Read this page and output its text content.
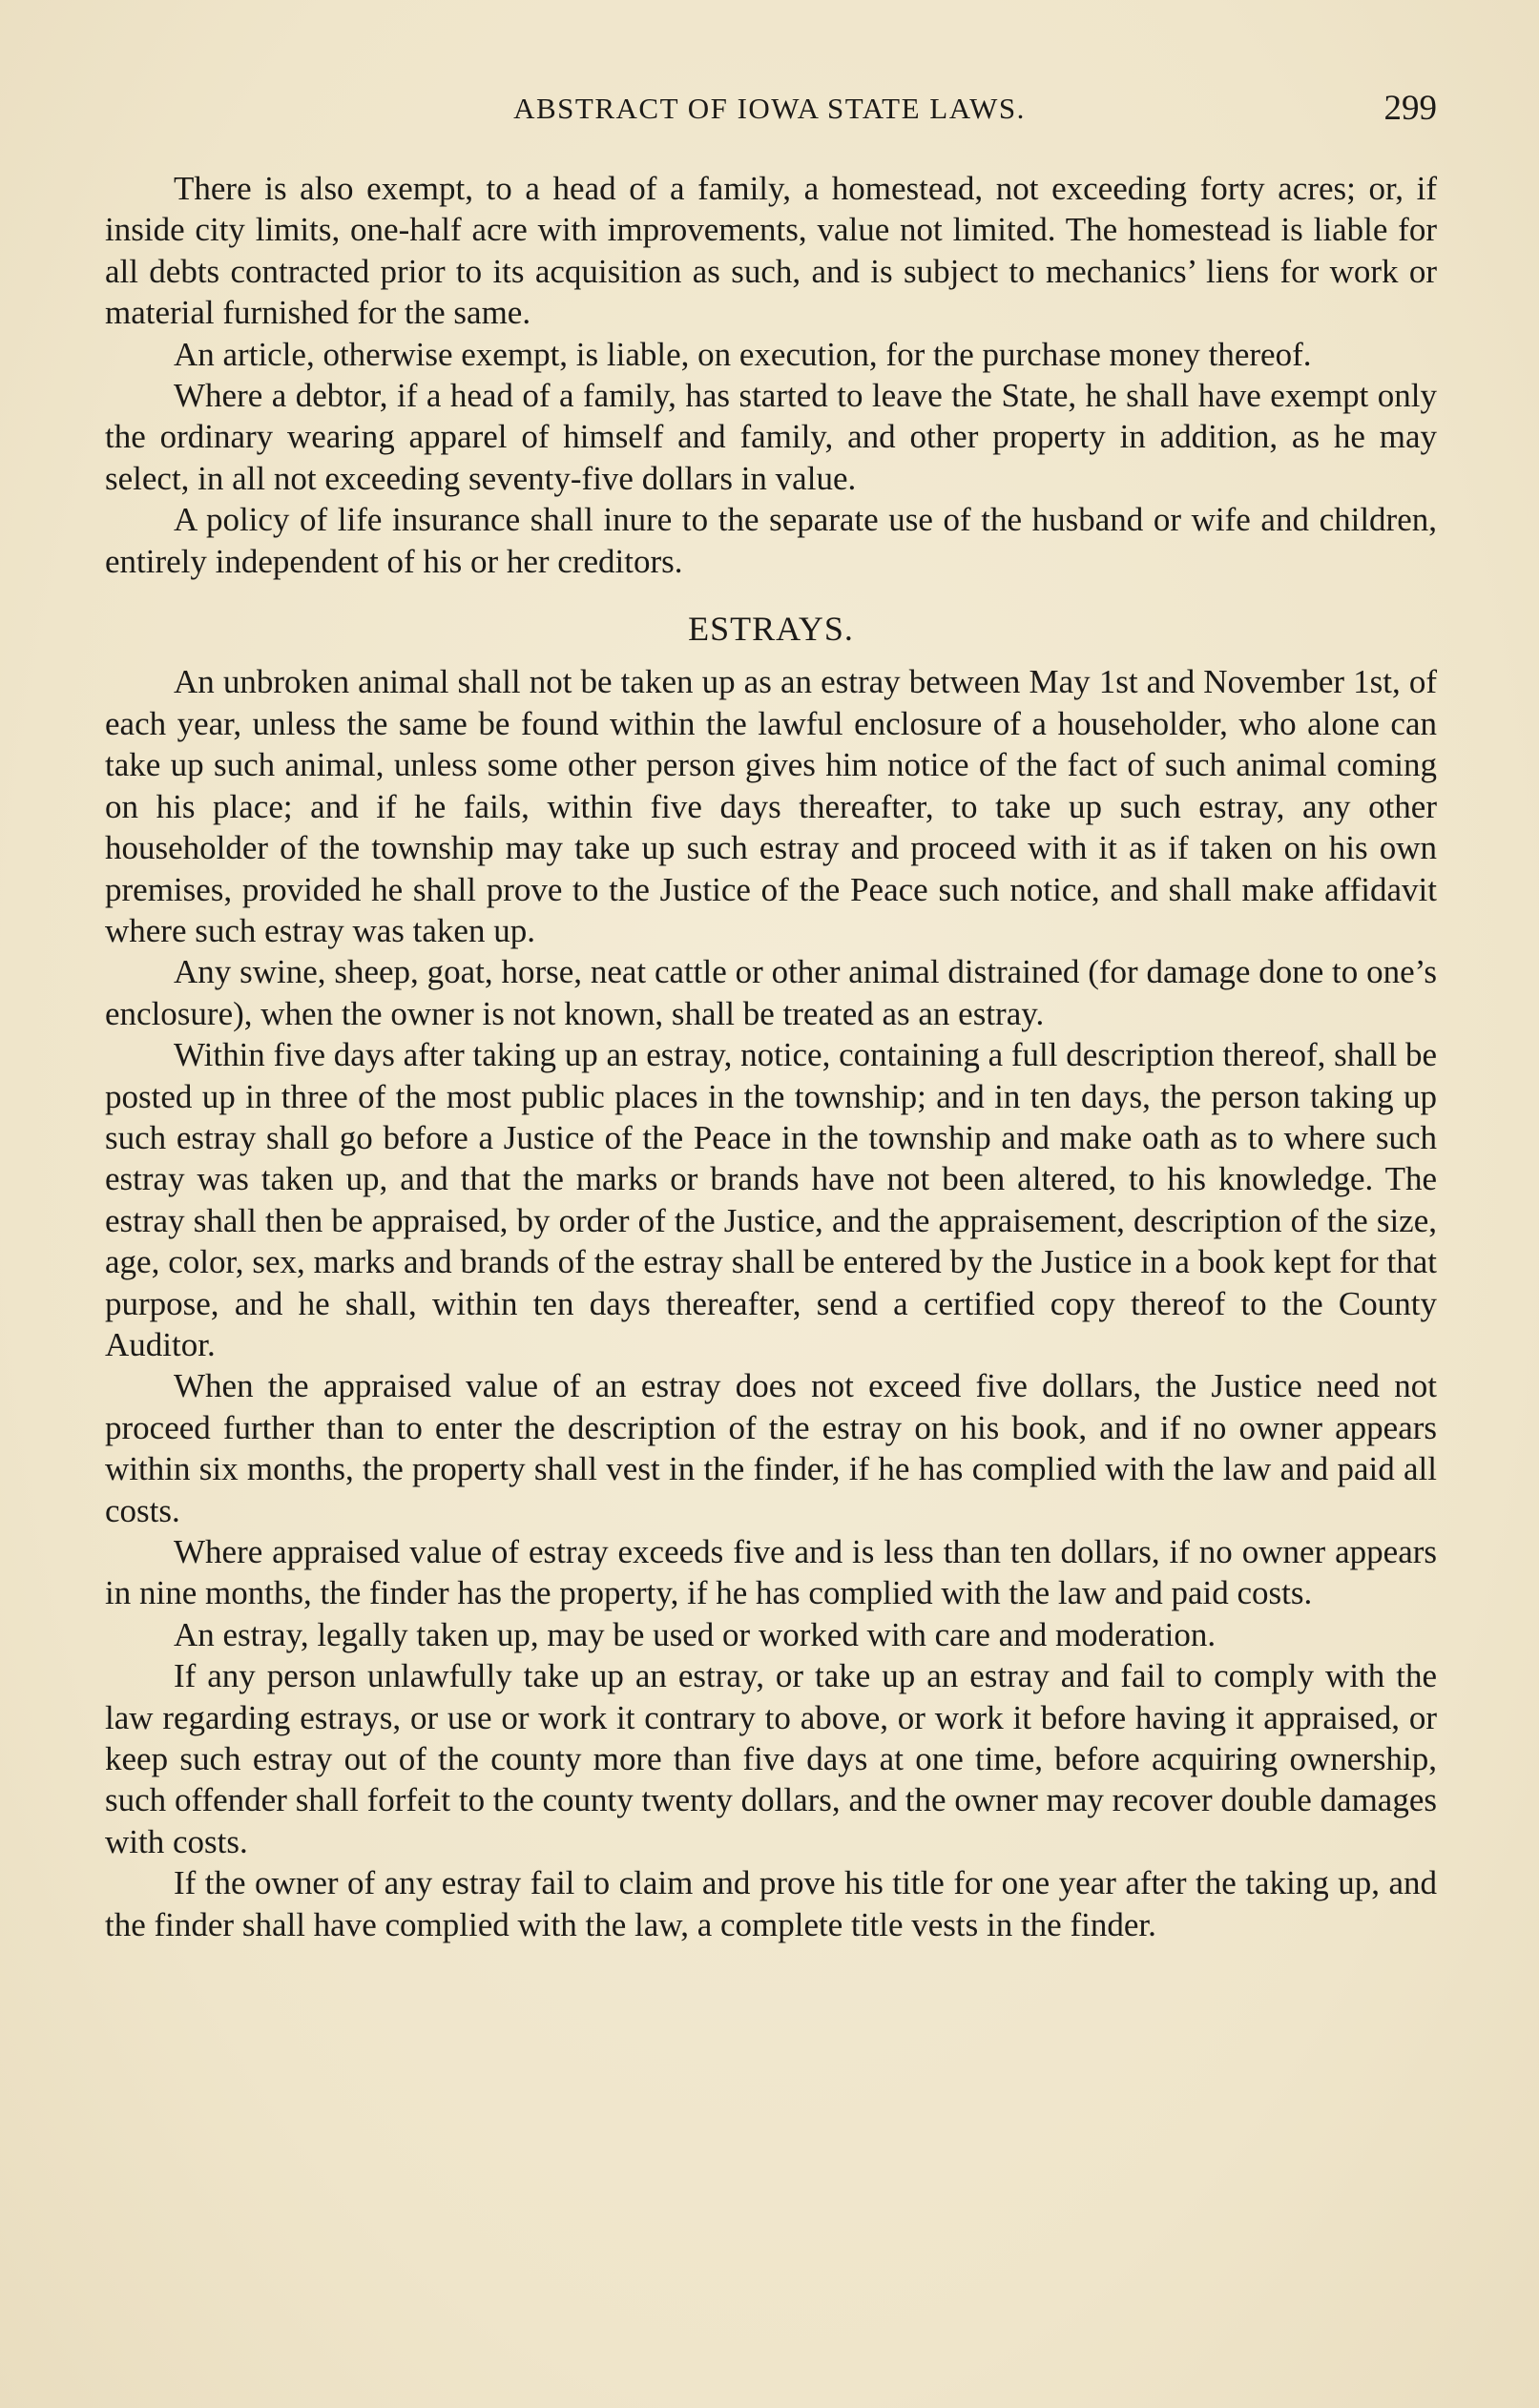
ABSTRACT OF IOWA STATE LAWS.	299

There is also exempt, to a head of a family, a homestead, not exceeding forty acres; or, if inside city limits, one-half acre with improvements, value not limited. The homestead is liable for all debts contracted prior to its acquisition as such, and is subject to mechanics’ liens for work or material furnished for the same.

An article, otherwise exempt, is liable, on execution, for the purchase money thereof.

Where a debtor, if a head of a family, has started to leave the State, he shall have exempt only the ordinary wearing apparel of himself and family, and other property in addition, as he may select, in all not exceeding seventy-five dollars in value.

A policy of life insurance shall inure to the separate use of the husband or wife and children, entirely independent of his or her creditors.

ESTRAYS.

An unbroken animal shall not be taken up as an estray between May 1st and November 1st, of each year, unless the same be found within the lawful enclosure of a householder, who alone can take up such animal, unless some other person gives him notice of the fact of such animal coming on his place; and if he fails, within five days thereafter, to take up such estray, any other householder of the township may take up such estray and proceed with it as if taken on his own premises, provided he shall prove to the Justice of the Peace such notice, and shall make affidavit where such estray was taken up.

Any swine, sheep, goat, horse, neat cattle or other animal distrained (for damage done to one’s enclosure), when the owner is not known, shall be treated as an estray.

Within five days after taking up an estray, notice, containing a full description thereof, shall be posted up in three of the most public places in the township; and in ten days, the person taking up such estray shall go before a Justice of the Peace in the township and make oath as to where such estray was taken up, and that the marks or brands have not been altered, to his knowledge. The estray shall then be appraised, by order of the Justice, and the appraisement, description of the size, age, color, sex, marks and brands of the estray shall be entered by the Justice in a book kept for that purpose, and he shall, within ten days thereafter, send a certified copy thereof to the County Auditor.

When the appraised value of an estray does not exceed five dollars, the Justice need not proceed further than to enter the description of the estray on his book, and if no owner appears within six months, the property shall vest in the finder, if he has complied with the law and paid all costs.

Where appraised value of estray exceeds five and is less than ten dollars, if no owner appears in nine months, the finder has the property, if he has complied with the law and paid costs.

An estray, legally taken up, may be used or worked with care and moderation.

If any person unlawfully take up an estray, or take up an estray and fail to comply with the law regarding estrays, or use or work it contrary to above, or work it before having it appraised, or keep such estray out of the county more than five days at one time, before acquiring ownership, such offender shall forfeit to the county twenty dollars, and the owner may recover double damages with costs.

If the owner of any estray fail to claim and prove his title for one year after the taking up, and the finder shall have complied with the law, a complete title vests in the finder.
